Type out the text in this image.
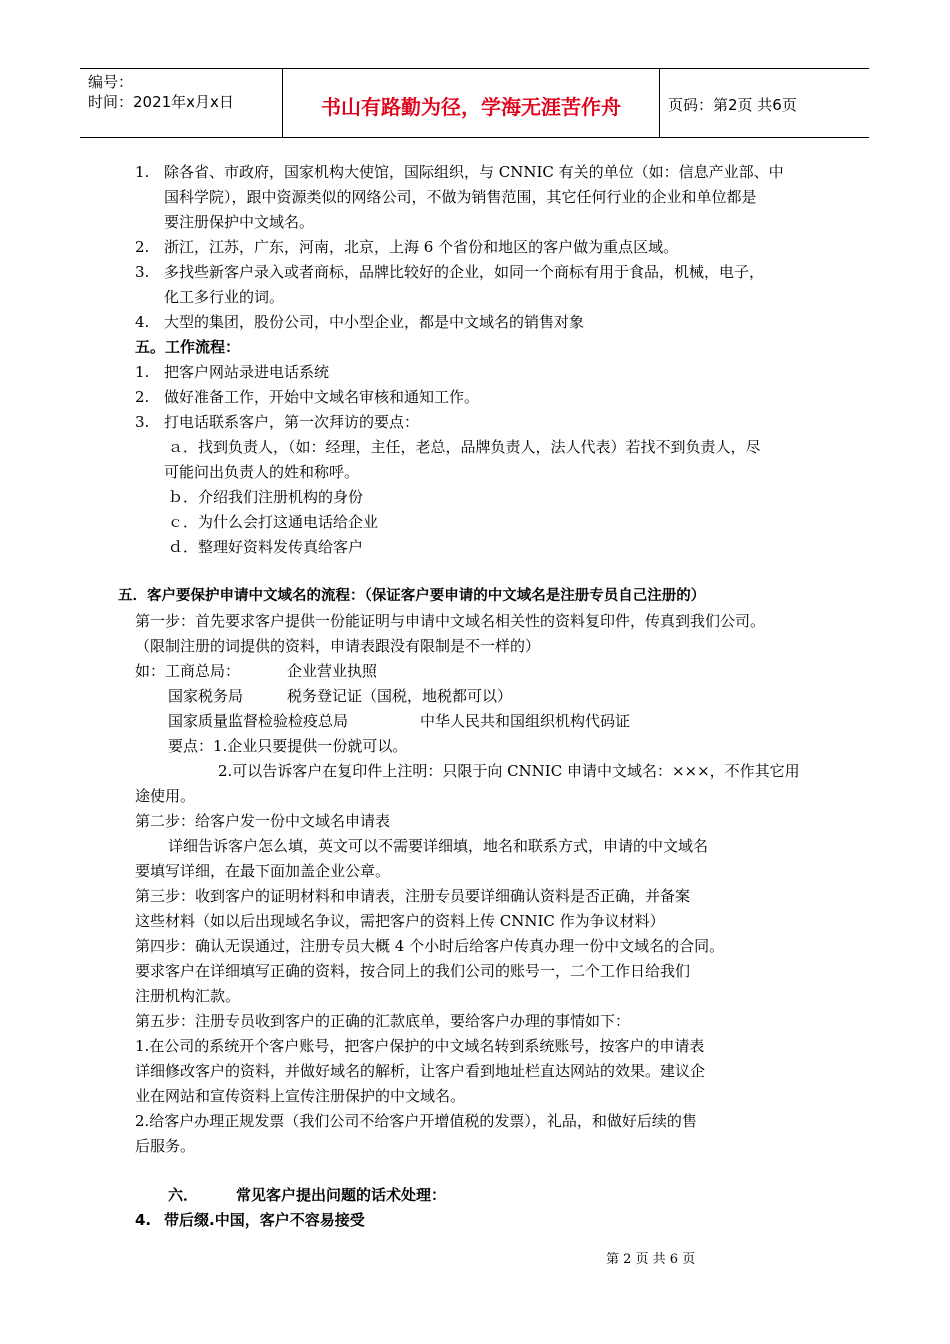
编号：
时间：2021年x月x日	书山有路勤为径，学海无涯苦作舟	页码：第2页 共6页
1. 除各省、市政府，国家机构大使馆，国际组织，与 CNNIC 有关的单位（如：信息产业部、中
国科学院），跟中资源类似的网络公司，不做为销售范围，其它任何行业的企业和单位都是
要注册保护中文域名。
2. 浙江，江苏，广东，河南，北京，上海 6 个省份和地区的客户做为重点区域。
3. 多找些新客户录入或者商标，品牌比较好的企业，如同一个商标有用于食品，机械，电子，
化工多行业的词。
4. 大型的集团，股份公司，中小型企业，都是中文域名的销售对象
五。工作流程：
1. 把客户网站录进电话系统
2. 做好准备工作，开始中文域名审核和通知工作。
3. 打电话联系客户，第一次拜访的要点：
ａ．找到负责人，（如：经理，主任，老总，品牌负责人，法人代表）若找不到负责人，尽
可能问出负责人的姓和称呼。
ｂ．介绍我们注册机构的身份
ｃ．为什么会打这通电话给企业
ｄ．整理好资料发传真给客户
五．客户要保护申请中文域名的流程：（保证客户要申请的中文域名是注册专员自己注册的）
第一步：首先要求客户提供一份能证明与申请中文域名相关性的资料复印件，传真到我们公司。
（限制注册的词提供的资料，申请表跟没有限制是不一样的）
如：工商总局：	企业营业执照
国家税务局	税务登记证（国税，地税都可以）
国家质量监督检验检疫总局	中华人民共和国组织机构代码证
要点：1.企业只要提供一份就可以。
2.可以告诉客户在复印件上注明：只限于向 CNNIC 申请中文域名：×××，不作其它用
途使用。
第二步：给客户发一份中文域名申请表
详细告诉客户怎么填，英文可以不需要详细填，地名和联系方式，申请的中文域名
要填写详细，在最下面加盖企业公章。
第三步：收到客户的证明材料和申请表，注册专员要详细确认资料是否正确，并备案
这些材料（如以后出现域名争议，需把客户的资料上传 CNNIC 作为争议材料）
第四步：确认无误通过，注册专员大概 4 个小时后给客户传真办理一份中文域名的合同。
要求客户在详细填写正确的资料，按合同上的我们公司的账号一，二个工作日给我们
注册机构汇款。
第五步：注册专员收到客户的正确的汇款底单，要给客户办理的事情如下：
1.在公司的系统开个客户账号，把客户保护的中文域名转到系统账号，按客户的申请表
详细修改客户的资料，并做好域名的解析，让客户看到地址栏直达网站的效果。建议企
业在网站和宣传资料上宣传注册保护的中文域名。
2.给客户办理正规发票（我们公司不给客户开增值税的发票），礼品，和做好后续的售
后服务。
六．	常见客户提出问题的话术处理：
4. 带后缀.中国，客户不容易接受
第 2 页 共 6 页
